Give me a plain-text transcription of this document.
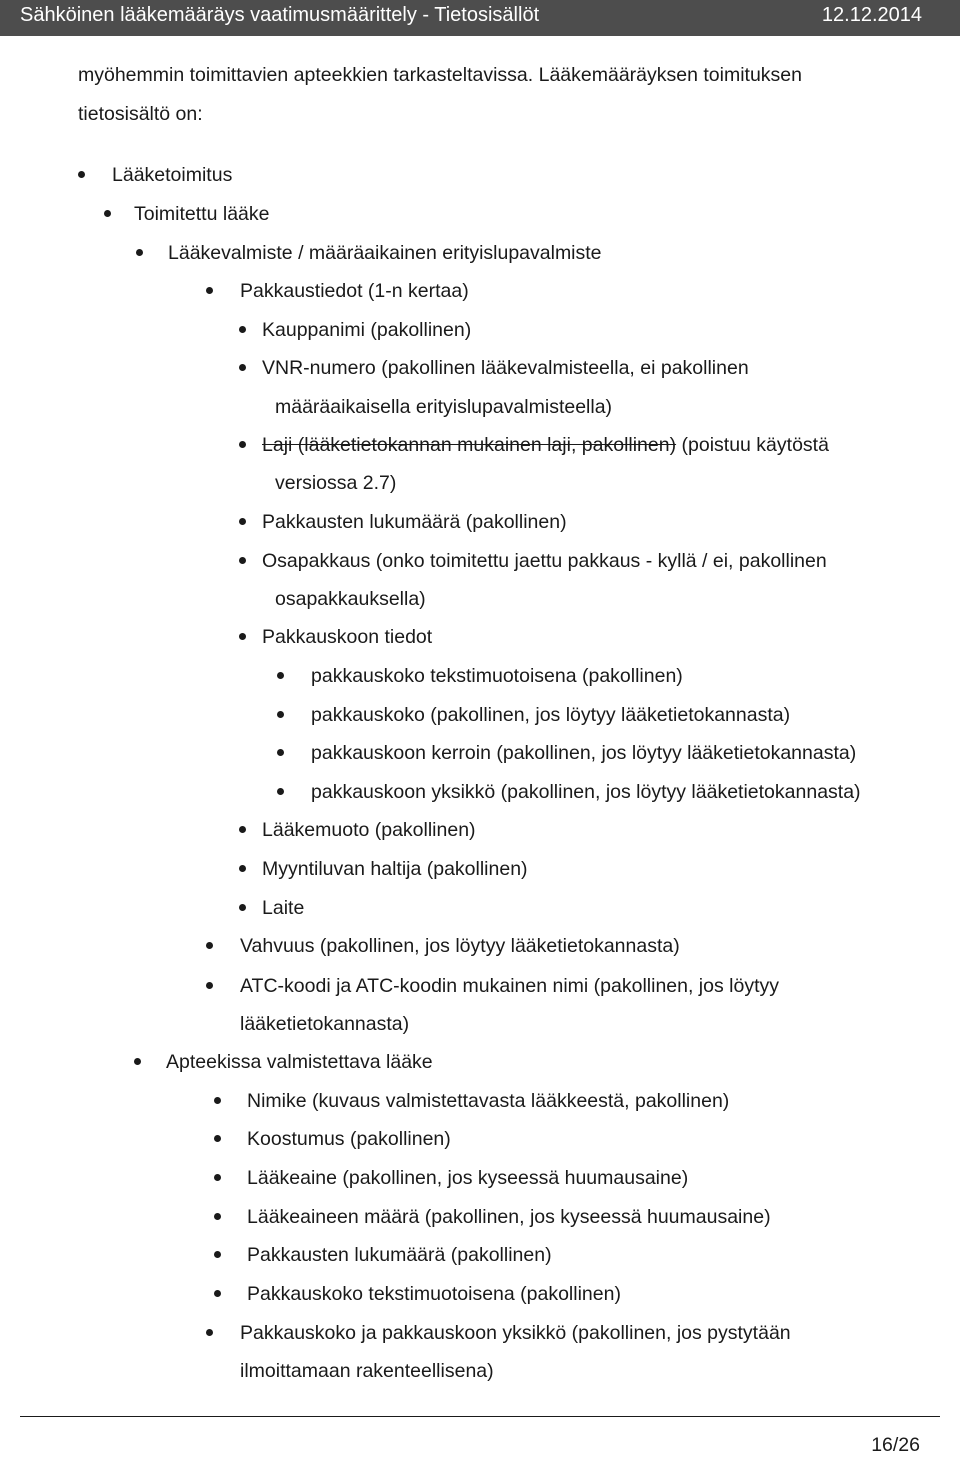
Sähköinen lääkemääräys vaatimusmäärittely - Tietosisällöt	12.12.2014
myöhemmin toimittavien apteekkien tarkasteltavissa. Lääkemääräyksen toimituksen
tietosisältö on:
Lääketoimitus
Toimitettu lääke
Lääkevalmiste / määräaikainen erityislupavalmiste
Pakkaustiedot (1-n kertaa)
Kauppanimi (pakollinen)
VNR-numero (pakollinen lääkevalmisteella, ei pakollinen
määräaikaisella erityislupavalmisteella)
Laji (lääketietokannan mukainen laji, pakollinen) (poistuu käytöstä
versiossa 2.7)
Pakkausten lukumäärä (pakollinen)
Osapakkaus (onko toimitettu jaettu pakkaus - kyllä / ei, pakollinen
osapakkauksella)
Pakkauskoon tiedot
pakkauskoko tekstimuotoisena (pakollinen)
pakkauskoko (pakollinen, jos löytyy lääketietokannasta)
pakkauskoon kerroin (pakollinen, jos löytyy lääketietokannasta)
pakkauskoon yksikkö (pakollinen, jos löytyy lääketietokannasta)
Lääkemuoto (pakollinen)
Myyntiluvan haltija (pakollinen)
Laite
Vahvuus (pakollinen, jos löytyy lääketietokannasta)
ATC-koodi ja ATC-koodin mukainen nimi (pakollinen, jos löytyy
lääketietokannasta)
Apteekissa valmistettava lääke
Nimike (kuvaus valmistettavasta lääkkeestä, pakollinen)
Koostumus (pakollinen)
Lääkeaine (pakollinen, jos kyseessä huumausaine)
Lääkeaineen määrä (pakollinen, jos kyseessä huumausaine)
Pakkausten lukumäärä (pakollinen)
Pakkauskoko tekstimuotoisena (pakollinen)
Pakkauskoko ja pakkauskoon yksikkö (pakollinen, jos pystytään
ilmoittamaan rakenteellisena)
16/26
